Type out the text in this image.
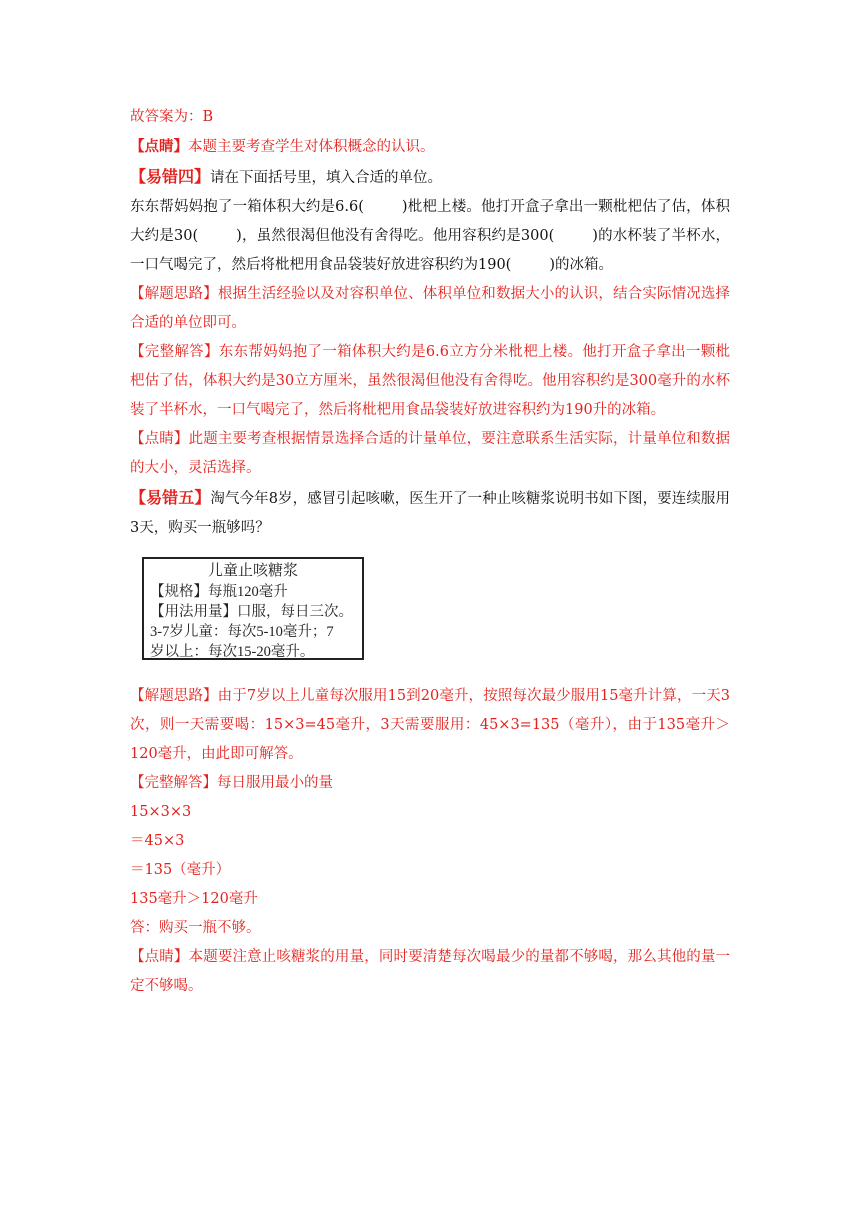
故答案为：B

【点睛】本题主要考查学生对体积概念的认识。

【易错四】请在下面括号里，填入合适的单位。

东东帮妈妈抱了一箱体积大约是6.6(	)枇杷上楼。他打开盒子拿出一颗枇杷估了估，体积大约是30(	)，虽然很渴但他没有舍得吃。他用容积约是300(	)的水杯装了半杯水，一口气喝完了，然后将枇杷用食品袋装好放进容积约为190(	)的冰箱。

【解题思路】根据生活经验以及对容积单位、体积单位和数据大小的认识，结合实际情况选择合适的单位即可。

【完整解答】东东帮妈妈抱了一箱体积大约是6.6立方分米枇杷上楼。他打开盒子拿出一颗枇杷估了估，体积大约是30立方厘米，虽然很渴但他没有舍得吃。他用容积约是300毫升的水杯装了半杯水，一口气喝完了，然后将枇杷用食品袋装好放进容积约为190升的冰箱。

【点睛】此题主要考查根据情景选择合适的计量单位，要注意联系生活实际，计量单位和数据的大小，灵活选择。

【易错五】淘气今年8岁，感冒引起咳嗽，医生开了一种止咳糖浆说明书如下图，要连续服用3天，购买一瓶够吗？

儿童止咳糖浆
【规格】每瓶120毫升
【用法用量】口服，每日三次。
3-7岁儿童：每次5-10毫升；7
岁以上：每次15-20毫升。

【解题思路】由于7岁以上儿童每次服用15到20毫升，按照每次最少服用15毫升计算，一天3次，则一天需要喝：15×3=45毫升，3天需要服用：45×3=135（毫升），由于135毫升＞120毫升，由此即可解答。

【完整解答】每日服用最小的量

15×3×3

＝45×3

＝135（毫升）

135毫升＞120毫升

答：购买一瓶不够。

【点睛】本题要注意止咳糖浆的用量，同时要清楚每次喝最少的量都不够喝，那么其他的量一定不够喝。
